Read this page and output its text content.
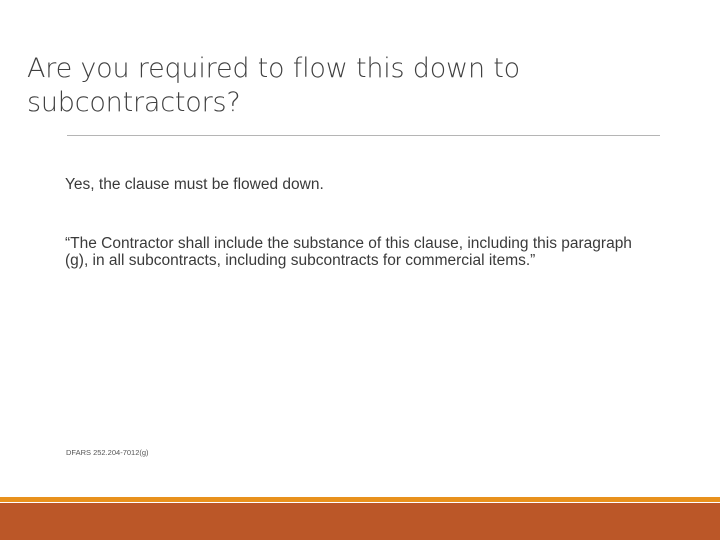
Are you required to flow this down to subcontractors?

Yes, the clause must be flowed down.

“The Contractor shall include the substance of this clause, including this paragraph (g), in all subcontracts, including subcontracts for commercial items.”

DFARS 252.204-7012(g)
